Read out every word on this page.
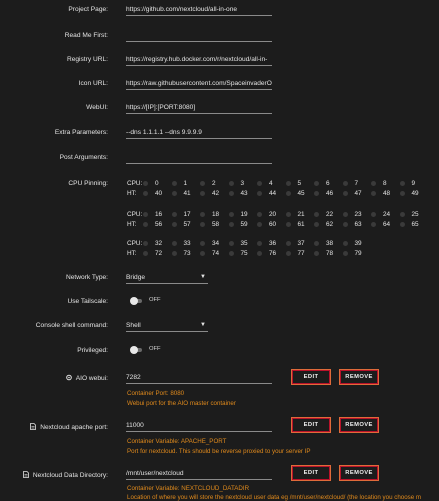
Project Page:	https://github.com/nextcloud/all-in-one
Read Me First:
Registry URL:	https://registry.hub.docker.com/r/nextcloud/all-in-
Icon URL:	https://raw.githubusercontent.com/SpaceinvaderO
WebUI:	https://[IP]:[PORT:8080]
Extra Parameters:	--dns 1.1.1.1 --dns 9.9.9.9
Post Arguments:
CPU Pinning:	CPU: 0	1	2	3	4	5	6	7	8	9
HT:	40	41	42	43	44	45	46	47	48	49
CPU: 16	17	18	19	20	21	22	23	24	25
HT:	56	57	58	59	60	61	62	63	64	65
CPU: 32	33	34	35	36	37	38	39
HT:	72	73	74	75	76	77	78	79
Network Type:	Bridge	▼
Use Tailscale:	OFF
Console shell command:	Shell	▼
Privileged:	OFF
AIO webui:	7282	EDIT	REMOVE
Container Port: 8080
Webui port for the AIO master container
Nextcloud apache port:	11000	EDIT	REMOVE
Container Variable: APACHE_PORT
Port for nextcloud. This should be reverse proxied to your server IP
Nextcloud Data Directory:	/mnt/user/nextcloud	EDIT	REMOVE
Container Variable: NEXTCLOUD_DATADIR
Location of where you will store the nextcloud user data eg /mnt/user/nextcloud/ (the location you choose m
